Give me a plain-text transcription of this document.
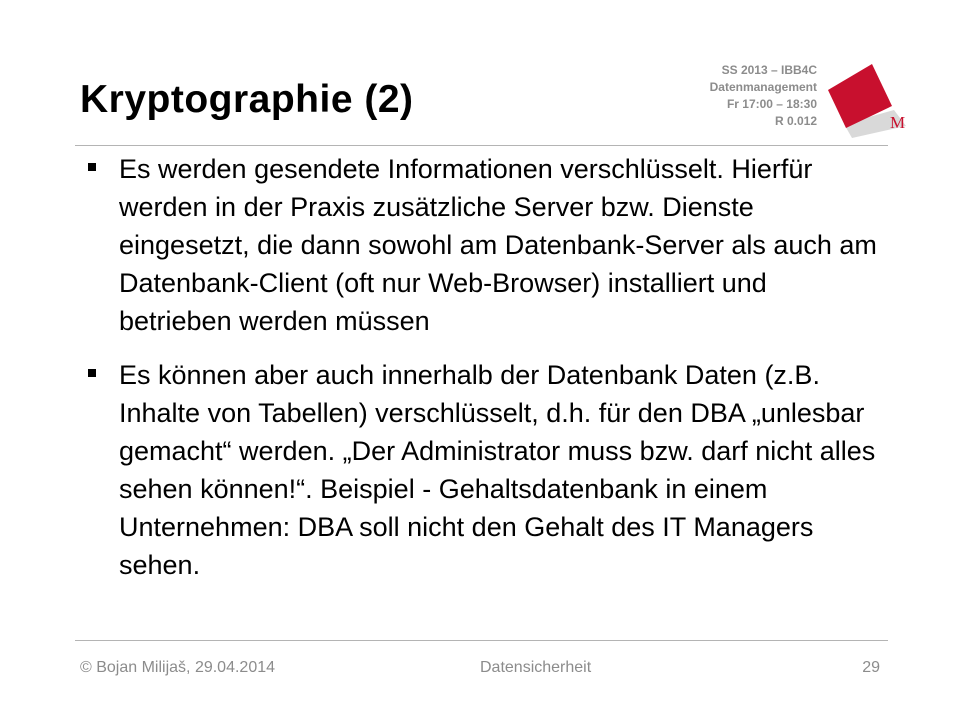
Kryptographie (2)
SS 2013 – IBB4C
Datenmanagement
Fr 17:00 – 18:30
R 0.012	M
Es werden gesendete Informationen verschlüsselt. Hierfür werden in der Praxis zusätzliche Server bzw. Dienste eingesetzt, die dann sowohl am Datenbank-Server als auch am Datenbank-Client (oft nur Web-Browser) installiert und betrieben werden müssen
Es können aber auch innerhalb der Datenbank Daten (z.B. Inhalte von Tabellen) verschlüsselt, d.h. für den DBA „unlesbar gemacht“ werden. „Der Administrator muss bzw. darf nicht alles sehen können!“. Beispiel - Gehaltsdatenbank in einem Unternehmen: DBA soll nicht den Gehalt des IT Managers sehen.
© Bojan Milijaš, 29.04.2014	Datensicherheit	29
